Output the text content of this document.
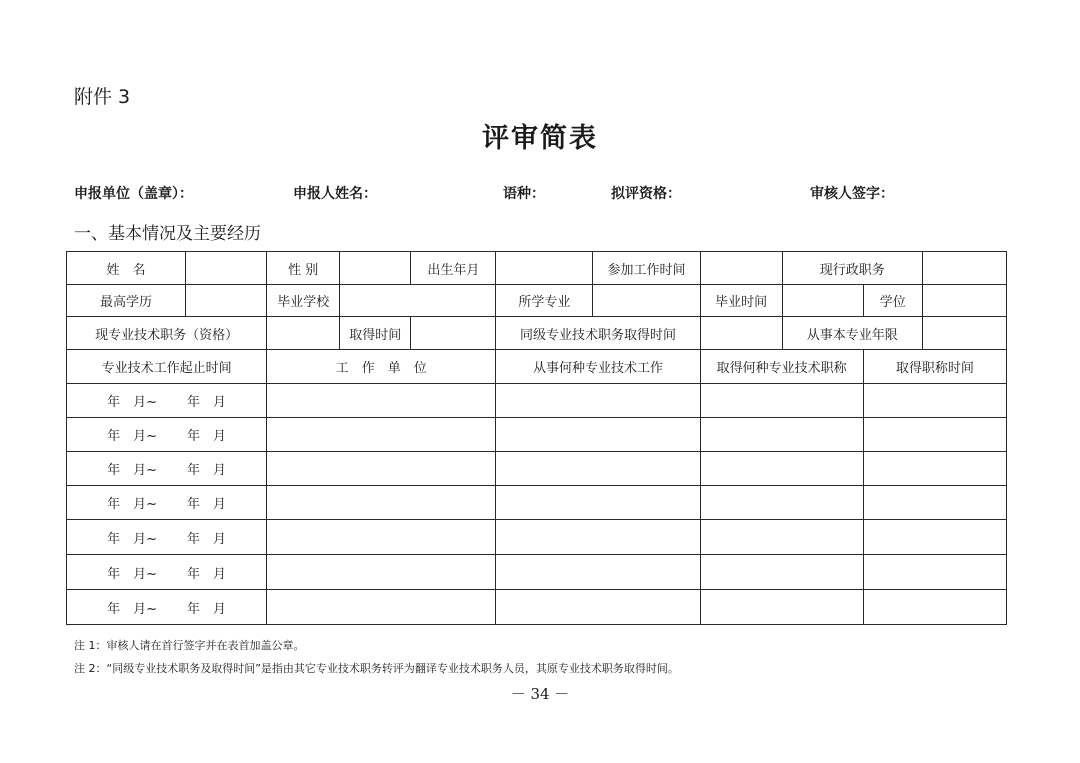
附件 3
评审简表
申报单位（盖章）：	申报人姓名：	语种：	拟评资格：	审核人签字：
一、基本情况及主要经历
姓　名		性 别		出生年月		参加工作时间		现行政职务		
最高学历		毕业学校			所学专业		毕业时间		学位	
现专业技术职务（资格）			取得时间		同级专业技术职务取得时间			从事本专业年限		
专业技术工作起止时间		工　作　单　位			从事何种专业技术工作		取得何种专业技术职称		取得职称时间	

年　月~ 年　月										

年　月~ 年　月										

年　月~ 年　月										

年　月~ 年　月										

年　月~ 年　月										

年　月~ 年　月										

年　月~ 年　月										

注 1：审核人请在首行签字并在表首加盖公章。
注 2：“同级专业技术职务及取得时间”是指由其它专业技术职务转评为翻译专业技术职务人员，其原专业技术职务取得时间。
－ 34 －
